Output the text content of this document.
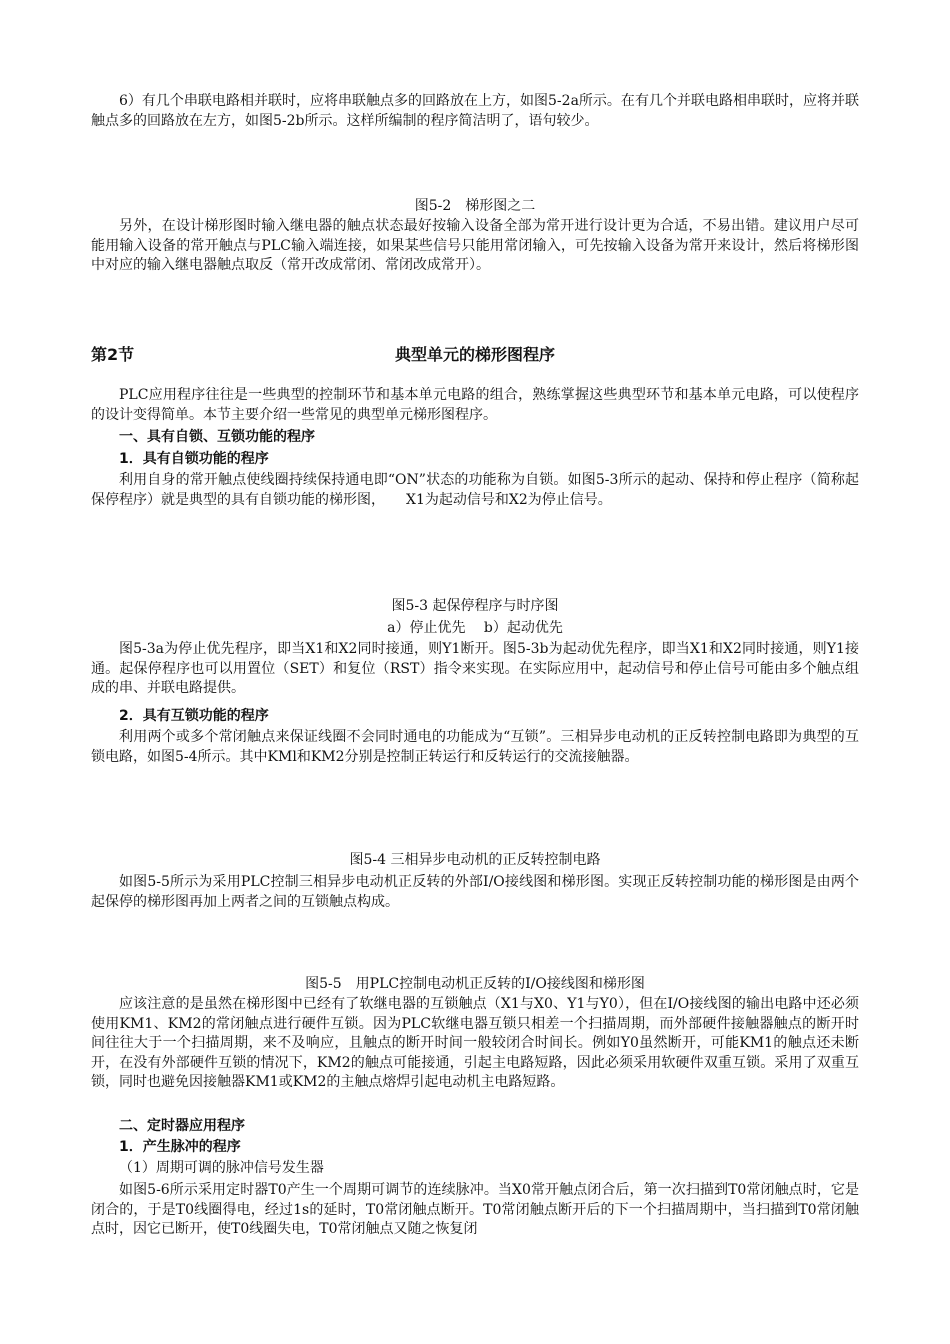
6）有几个串联电路相并联时，应将串联触点多的回路放在上方，如图5-2a所示。在有几个并联电路相串联时，应将并联触点多的回路放在左方，如图5-2b所示。这样所编制的程序简洁明了，语句较少。

图5-2　梯形图之二

另外，在设计梯形图时输入继电器的触点状态最好按输入设备全部为常开进行设计更为合适，不易出错。建议用户尽可能用输入设备的常开触点与PLC输入端连接，如果某些信号只能用常闭输入，可先按输入设备为常开来设计，然后将梯形图中对应的输入继电器触点取反（常开改成常闭、常闭改成常开）。

第2节	典型单元的梯形图程序

PLC应用程序往往是一些典型的控制环节和基本单元电路的组合，熟练掌握这些典型环节和基本单元电路，可以使程序的设计变得简单。本节主要介绍一些常见的典型单元梯形图程序。

一、具有自锁、互锁功能的程序

1．具有自锁功能的程序

利用自身的常开触点使线圈持续保持通电即“ON”状态的功能称为自锁。如图5-3所示的起动、保持和停止程序（简称起保停程序）就是典型的具有自锁功能的梯形图，　　X1为起动信号和X2为停止信号。

图5-3 起保停程序与时序图

a）停止优先　 b）起动优先

图5-3a为停止优先程序，即当X1和X2同时接通，则Y1断开。图5-3b为起动优先程序，即当X1和X2同时接通，则Y1接通。起保停程序也可以用置位（SET）和复位（RST）指令来实现。在实际应用中，起动信号和停止信号可能由多个触点组成的串、并联电路提供。

2．具有互锁功能的程序

利用两个或多个常闭触点来保证线圈不会同时通电的功能成为“互锁”。三相异步电动机的正反转控制电路即为典型的互锁电路，如图5-4所示。其中KMl和KM2分别是控制正转运行和反转运行的交流接触器。

图5-4 三相异步电动机的正反转控制电路

如图5-5所示为采用PLC控制三相异步电动机正反转的外部I/O接线图和梯形图。实现正反转控制功能的梯形图是由两个起保停的梯形图再加上两者之间的互锁触点构成。

图5-5　用PLC控制电动机正反转的I/O接线图和梯形图

应该注意的是虽然在梯形图中已经有了软继电器的互锁触点（X1与X0、Y1与Y0），但在I/O接线图的输出电路中还必须使用KM1、KM2的常闭触点进行硬件互锁。因为PLC软继电器互锁只相差一个扫描周期，而外部硬件接触器触点的断开时间往往大于一个扫描周期，来不及响应，且触点的断开时间一般较闭合时间长。例如Y0虽然断开，可能KM1的触点还未断开，在没有外部硬件互锁的情况下，KM2的触点可能接通，引起主电路短路，因此必须采用软硬件双重互锁。采用了双重互锁，同时也避免因接触器KM1或KM2的主触点熔焊引起电动机主电路短路。

二、定时器应用程序

1．产生脉冲的程序

（1）周期可调的脉冲信号发生器

如图5-6所示采用定时器T0产生一个周期可调节的连续脉冲。当X0常开触点闭合后，第一次扫描到T0常闭触点时，它是闭合的，于是T0线圈得电，经过1s的延时，T0常闭触点断开。T0常闭触点断开后的下一个扫描周期中，当扫描到T0常闭触点时，因它已断开，使T0线圈失电，T0常闭触点又随之恢复闭
